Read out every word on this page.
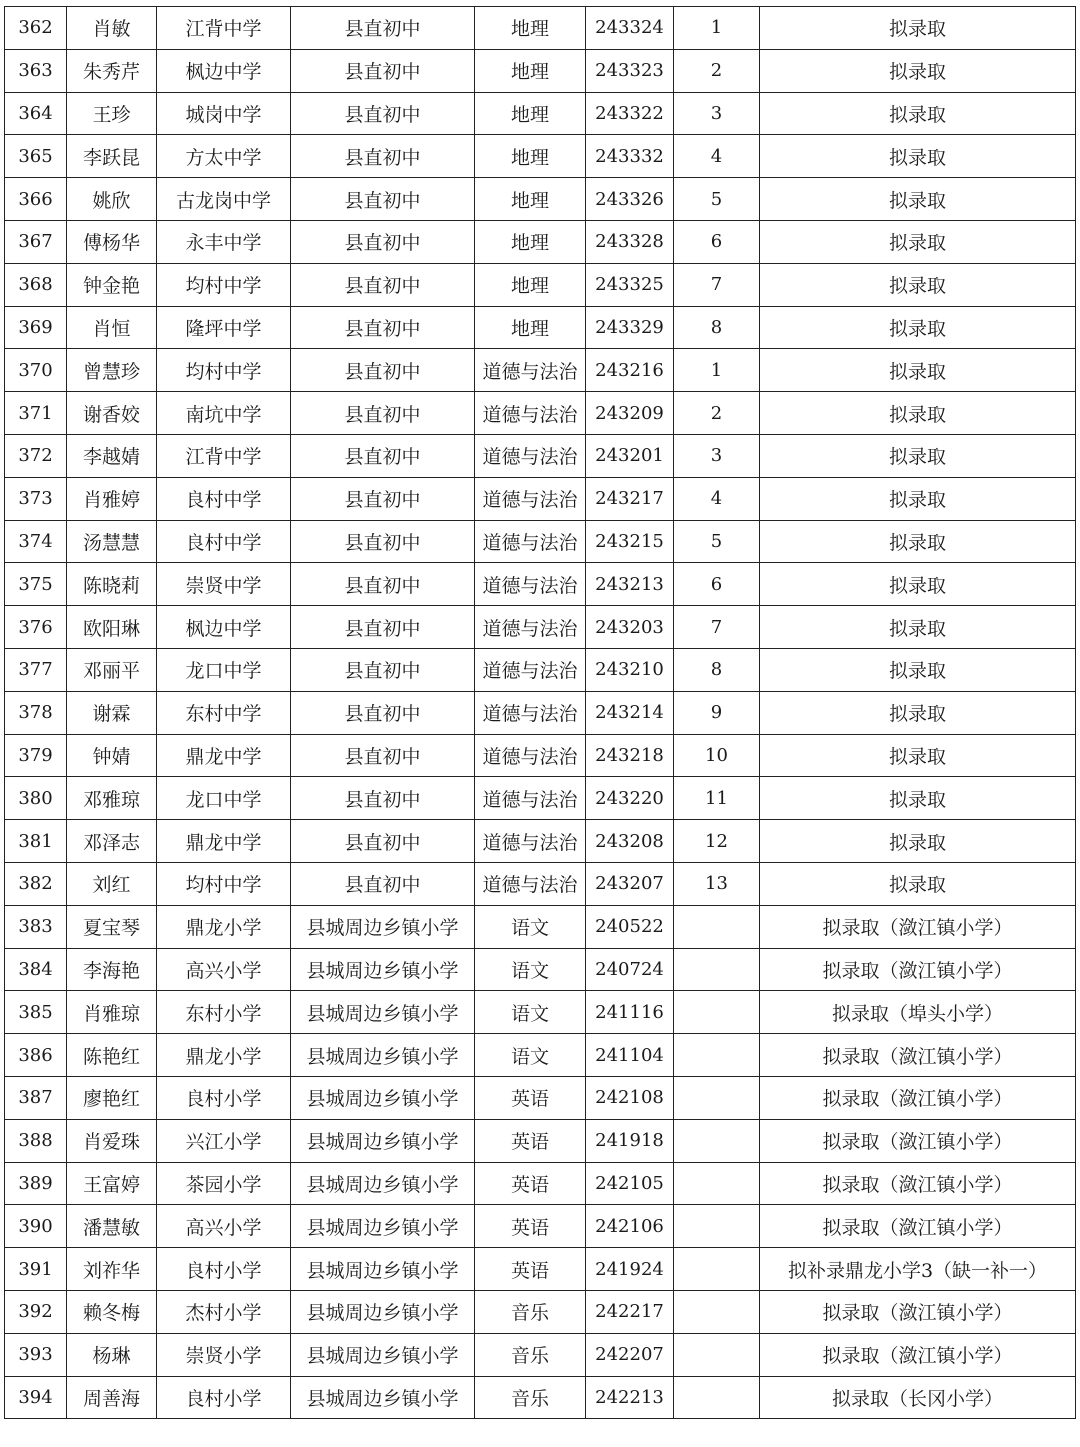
362	肖敏	江背中学	县直初中	地理	243324	1	拟录取
363	朱秀芹	枫边中学	县直初中	地理	243323	2	拟录取
364	王珍	城岗中学	县直初中	地理	243322	3	拟录取
365	李跃昆	方太中学	县直初中	地理	243332	4	拟录取
366	姚欣	古龙岗中学	县直初中	地理	243326	5	拟录取
367	傅杨华	永丰中学	县直初中	地理	243328	6	拟录取
368	钟金艳	均村中学	县直初中	地理	243325	7	拟录取
369	肖恒	隆坪中学	县直初中	地理	243329	8	拟录取
370	曾慧珍	均村中学	县直初中	道德与法治	243216	1	拟录取
371	谢香姣	南坑中学	县直初中	道德与法治	243209	2	拟录取
372	李越婧	江背中学	县直初中	道德与法治	243201	3	拟录取
373	肖雅婷	良村中学	县直初中	道德与法治	243217	4	拟录取
374	汤慧慧	良村中学	县直初中	道德与法治	243215	5	拟录取
375	陈晓莉	崇贤中学	县直初中	道德与法治	243213	6	拟录取
376	欧阳琳	枫边中学	县直初中	道德与法治	243203	7	拟录取
377	邓丽平	龙口中学	县直初中	道德与法治	243210	8	拟录取
378	谢霖	东村中学	县直初中	道德与法治	243214	9	拟录取
379	钟婧	鼎龙中学	县直初中	道德与法治	243218	10	拟录取
380	邓雅琼	龙口中学	县直初中	道德与法治	243220	11	拟录取
381	邓泽志	鼎龙中学	县直初中	道德与法治	243208	12	拟录取
382	刘红	均村中学	县直初中	道德与法治	243207	13	拟录取
383	夏宝琴	鼎龙小学	县城周边乡镇小学	语文	240522		拟录取（潋江镇小学）
384	李海艳	高兴小学	县城周边乡镇小学	语文	240724		拟录取（潋江镇小学）
385	肖雅琼	东村小学	县城周边乡镇小学	语文	241116		拟录取（埠头小学）
386	陈艳红	鼎龙小学	县城周边乡镇小学	语文	241104		拟录取（潋江镇小学）
387	廖艳红	良村小学	县城周边乡镇小学	英语	242108		拟录取（潋江镇小学）
388	肖爱珠	兴江小学	县城周边乡镇小学	英语	241918		拟录取（潋江镇小学）
389	王富婷	茶园小学	县城周边乡镇小学	英语	242105		拟录取（潋江镇小学）
390	潘慧敏	高兴小学	县城周边乡镇小学	英语	242106		拟录取（潋江镇小学）
391	刘祚华	良村小学	县城周边乡镇小学	英语	241924		拟补录鼎龙小学3（缺一补一）
392	赖冬梅	杰村小学	县城周边乡镇小学	音乐	242217		拟录取（潋江镇小学）
393	杨琳	崇贤小学	县城周边乡镇小学	音乐	242207		拟录取（潋江镇小学）
394	周善海	良村小学	县城周边乡镇小学	音乐	242213		拟录取（长冈小学）
